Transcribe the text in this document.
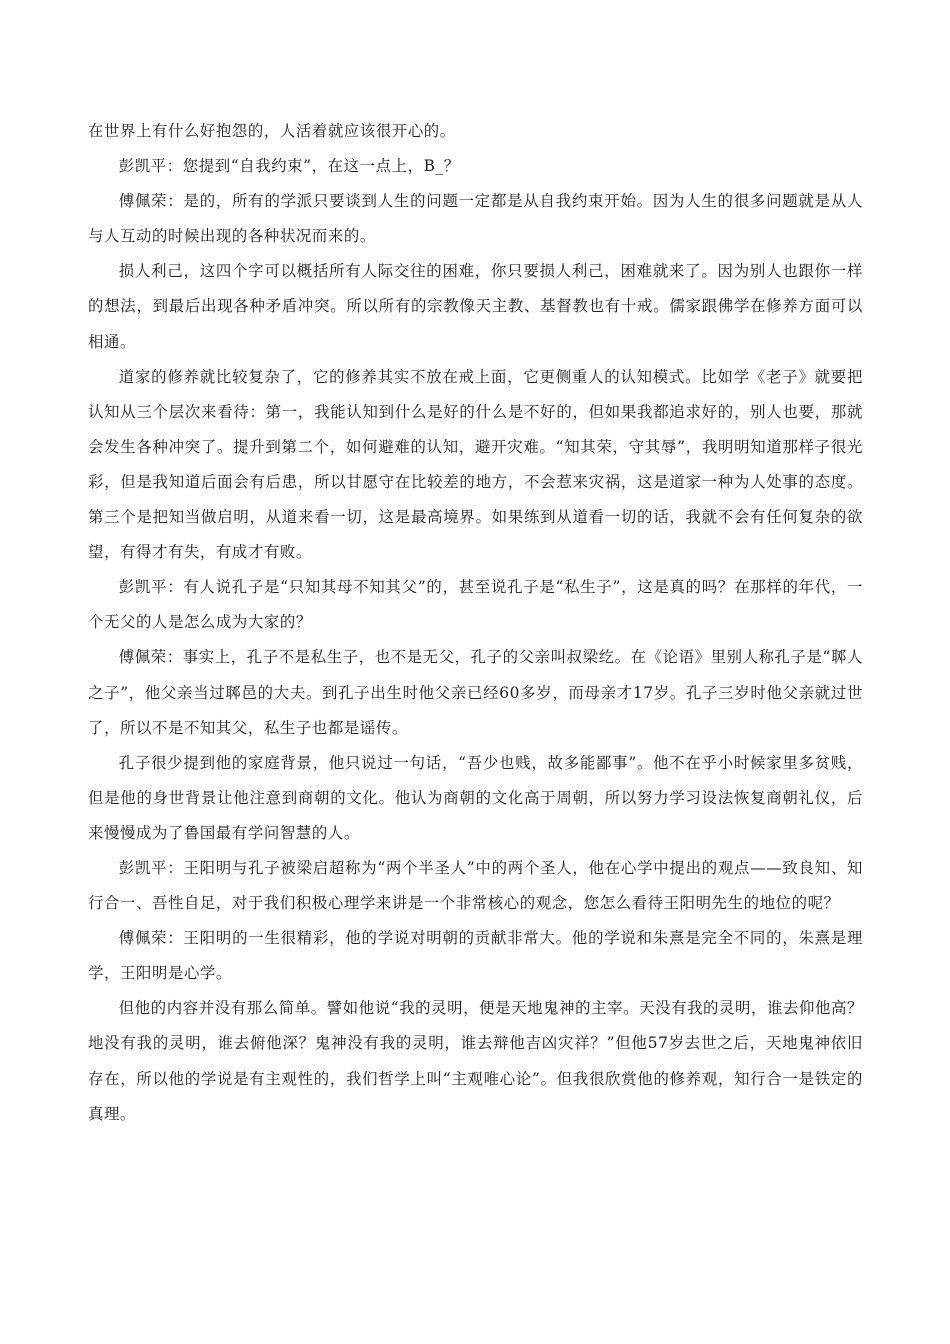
在世界上有什么好抱怨的，人活着就应该很开心的。

彭凯平：您提到“自我约束”，在这一点上，B_？

傅佩荣：是的，所有的学派只要谈到人生的问题一定都是从自我约束开始。因为人生的很多问题就是从人与人互动的时候出现的各种状况而来的。

损人利己，这四个字可以概括所有人际交往的困难，你只要损人利己，困难就来了。因为别人也跟你一样的想法，到最后出现各种矛盾冲突。所以所有的宗教像天主教、基督教也有十戒。儒家跟佛学在修养方面可以相通。

道家的修养就比较复杂了，它的修养其实不放在戒上面，它更侧重人的认知模式。比如学《老子》就要把认知从三个层次来看待：第一，我能认知到什么是好的什么是不好的，但如果我都追求好的，别人也要，那就会发生各种冲突了。提升到第二个，如何避难的认知，避开灾难。“知其荣，守其辱”，我明明知道那样子很光彩，但是我知道后面会有后患，所以甘愿守在比较差的地方，不会惹来灾祸，这是道家一种为人处事的态度。第三个是把知当做启明，从道来看一切，这是最高境界。如果练到从道看一切的话，我就不会有任何复杂的欲望，有得才有失，有成才有败。

彭凯平：有人说孔子是“只知其母不知其父”的，甚至说孔子是“私生子”，这是真的吗？在那样的年代，一个无父的人是怎么成为大家的？

傅佩荣：事实上，孔子不是私生子，也不是无父，孔子的父亲叫叔梁纥。在《论语》里别人称孔子是“郰人之子”，他父亲当过郰邑的大夫。到孔子出生时他父亲已经60多岁，而母亲才17岁。孔子三岁时他父亲就过世了，所以不是不知其父，私生子也都是谣传。

孔子很少提到他的家庭背景，他只说过一句话，“吾少也贱，故多能鄙事”。他不在乎小时候家里多贫贱，但是他的身世背景让他注意到商朝的文化。他认为商朝的文化高于周朝，所以努力学习设法恢复商朝礼仪，后来慢慢成为了鲁国最有学问智慧的人。

彭凯平：王阳明与孔子被梁启超称为“两个半圣人”中的两个圣人，他在心学中提出的观点——致良知、知行合一、吾性自足，对于我们积极心理学来讲是一个非常核心的观念，您怎么看待王阳明先生的地位的呢？

傅佩荣：王阳明的一生很精彩，他的学说对明朝的贡献非常大。他的学说和朱熹是完全不同的，朱熹是理学，王阳明是心学。

但他的内容并没有那么简单。譬如他说“我的灵明，便是天地鬼神的主宰。天没有我的灵明，谁去仰他高？地没有我的灵明，谁去俯他深？鬼神没有我的灵明，谁去辩他吉凶灾祥？”但他57岁去世之后，天地鬼神依旧存在，所以他的学说是有主观性的，我们哲学上叫“主观唯心论”。但我很欣赏他的修养观，知行合一是铁定的真理。
